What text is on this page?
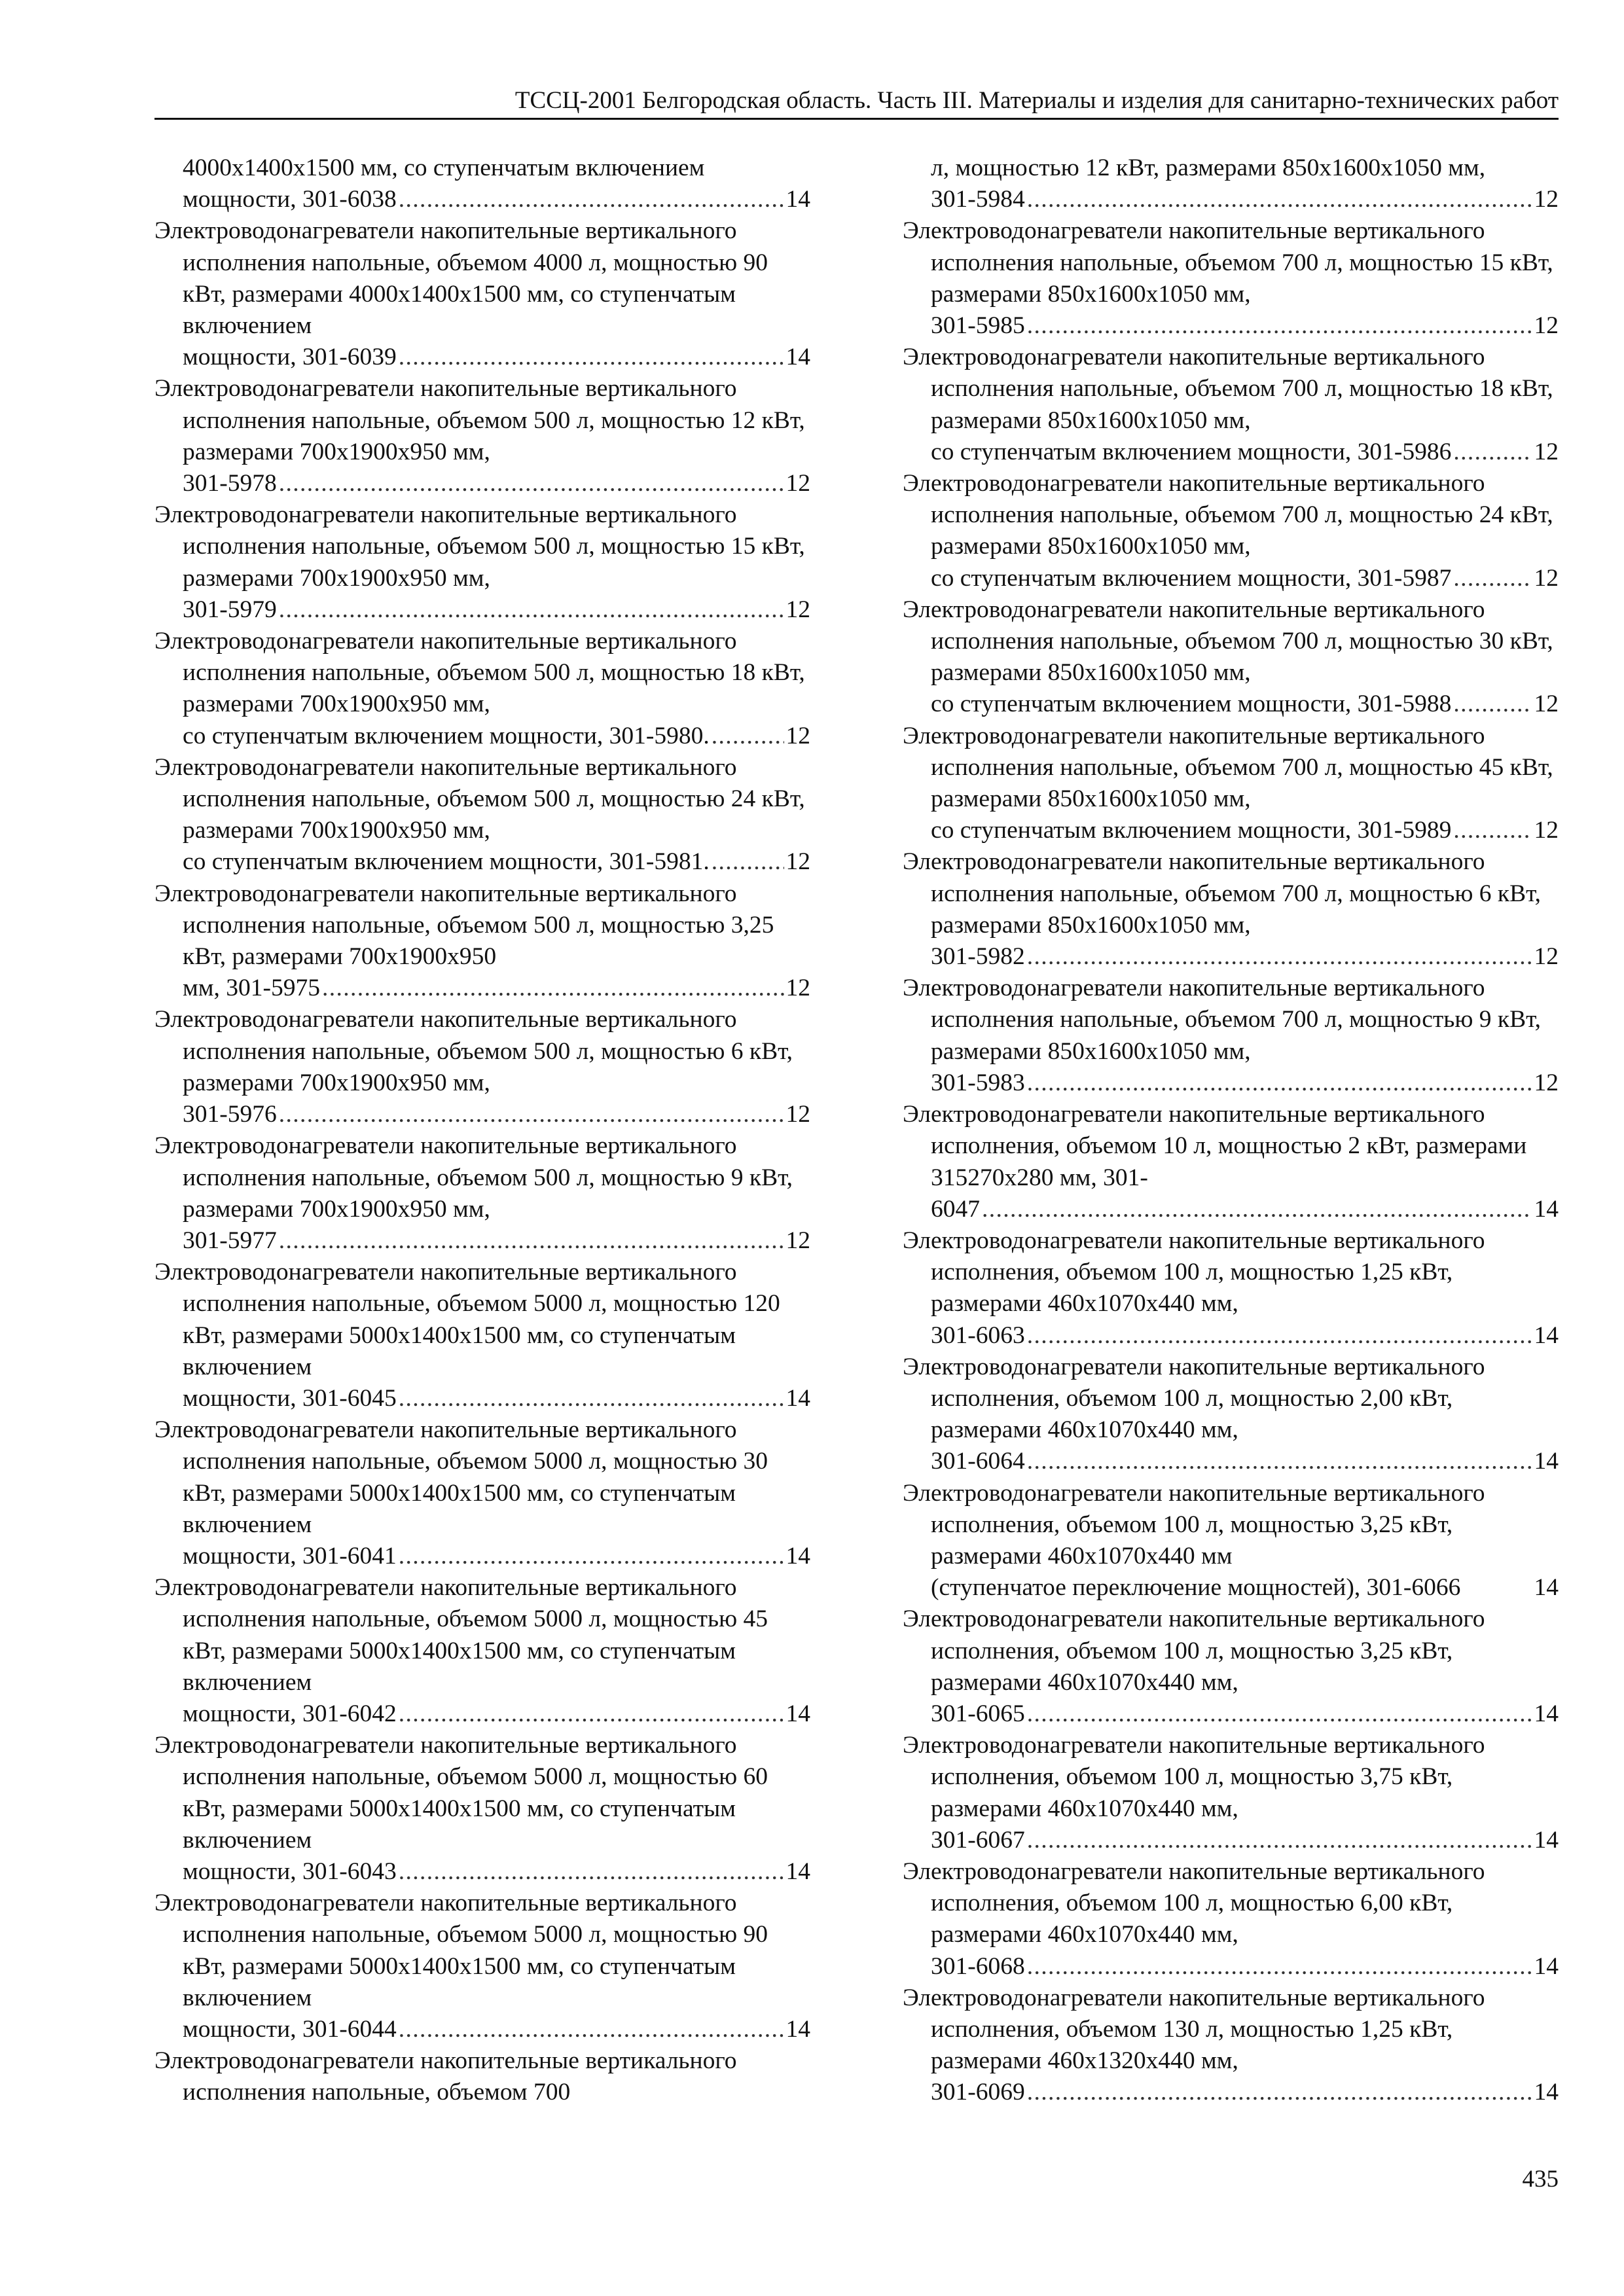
ТССЦ-2001 Белгородская область. Часть III. Материалы и изделия для санитарно-технических работ
4000x1400x1500 мм, со ступенчатым включением
мощности, 301-6038 . . .	14
Электроводонагреватели накопительные вертикального исполнения напольные, объемом 4000 л, мощностью 90 кВт, размерами 4000x1400x1500 мм, со ступенчатым включением
мощности, 301-6039 . . .	14
Электроводонагреватели накопительные вертикального исполнения напольные, объемом 500 л, мощностью 12 кВт, размерами 700x1900x950 мм,
301-5978 . . .	12
Электроводонагреватели накопительные вертикального исполнения напольные, объемом 500 л, мощностью 15 кВт, размерами 700x1900x950 мм,
301-5979 . . .	12
Электроводонагреватели накопительные вертикального исполнения напольные, объемом 500 л, мощностью 18 кВт, размерами 700x1900x950 мм,
со ступенчатым включением мощности, 301-5980. . . .	12
Электроводонагреватели накопительные вертикального исполнения напольные, объемом 500 л, мощностью 24 кВт, размерами 700x1900x950 мм,
со ступенчатым включением мощности, 301-5981. . . .	12
Электроводонагреватели накопительные вертикального исполнения напольные, объемом 500 л, мощностью 3,25 кВт, размерами 700x1900x950
мм, 301-5975 . . .	12
Электроводонагреватели накопительные вертикального исполнения напольные, объемом 500 л, мощностью 6 кВт, размерами 700x1900x950 мм,
301-5976 . . .	12
Электроводонагреватели накопительные вертикального исполнения напольные, объемом 500 л, мощностью 9 кВт, размерами 700x1900x950 мм,
301-5977 . . .	12
Электроводонагреватели накопительные вертикального исполнения напольные, объемом 5000 л, мощностью 120 кВт, размерами 5000x1400x1500 мм, со ступенчатым включением
мощности, 301-6045 . . .	14
Электроводонагреватели накопительные вертикального исполнения напольные, объемом 5000 л, мощностью 30 кВт, размерами 5000x1400x1500 мм, со ступенчатым включением
мощности, 301-6041 . . .	14
Электроводонагреватели накопительные вертикального исполнения напольные, объемом 5000 л, мощностью 45 кВт, размерами 5000x1400x1500 мм, со ступенчатым включением
мощности, 301-6042 . . .	14
Электроводонагреватели накопительные вертикального исполнения напольные, объемом 5000 л, мощностью 60 кВт, размерами 5000x1400x1500 мм, со ступенчатым включением
мощности, 301-6043 . . .	14
Электроводонагреватели накопительные вертикального исполнения напольные, объемом 5000 л, мощностью 90 кВт, размерами 5000x1400x1500 мм, со ступенчатым включением
мощности, 301-6044 . . .	14
Электроводонагреватели накопительные вертикального исполнения напольные, объемом 700
л, мощностью 12 кВт, размерами 850x1600x1050 мм,
301-5984 . . .	12
Электроводонагреватели накопительные вертикального исполнения напольные, объемом 700 л, мощностью 15 кВт, размерами 850x1600x1050 мм,
301-5985 . . .	12
Электроводонагреватели накопительные вертикального исполнения напольные, объемом 700 л, мощностью 18 кВт, размерами 850x1600x1050 мм,
со ступенчатым включением мощности, 301-5986 . . .	12
Электроводонагреватели накопительные вертикального исполнения напольные, объемом 700 л, мощностью 24 кВт, размерами 850x1600x1050 мм,
со ступенчатым включением мощности, 301-5987 . . .	12
Электроводонагреватели накопительные вертикального исполнения напольные, объемом 700 л, мощностью 30 кВт, размерами 850x1600x1050 мм,
со ступенчатым включением мощности, 301-5988 . . .	12
Электроводонагреватели накопительные вертикального исполнения напольные, объемом 700 л, мощностью 45 кВт, размерами 850x1600x1050 мм,
со ступенчатым включением мощности, 301-5989 . . .	12
Электроводонагреватели накопительные вертикального исполнения напольные, объемом 700 л, мощностью 6 кВт, размерами 850x1600x1050 мм,
301-5982 . . .	12
Электроводонагреватели накопительные вертикального исполнения напольные, объемом 700 л, мощностью 9 кВт, размерами 850x1600x1050 мм,
301-5983 . . .	12
Электроводонагреватели накопительные вертикального исполнения, объемом 10 л, мощностью 2 кВт, размерами 315270x280 мм, 301-
6047 . . .	14
Электроводонагреватели накопительные вертикального исполнения, объемом 100 л, мощностью 1,25 кВт, размерами 460x1070x440 мм,
301-6063 . . .	14
Электроводонагреватели накопительные вертикального исполнения, объемом 100 л, мощностью 2,00 кВт, размерами 460x1070x440 мм,
301-6064 . . .	14
Электроводонагреватели накопительные вертикального исполнения, объемом 100 л, мощностью 3,25 кВт, размерами 460x1070x440 мм
(ступенчатое переключение мощностей), 301-6066	14
Электроводонагреватели накопительные вертикального исполнения, объемом 100 л, мощностью 3,25 кВт, размерами 460x1070x440 мм,
301-6065 . . .	14
Электроводонагреватели накопительные вертикального исполнения, объемом 100 л, мощностью 3,75 кВт, размерами 460x1070x440 мм,
301-6067 . . .	14
Электроводонагреватели накопительные вертикального исполнения, объемом 100 л, мощностью 6,00 кВт, размерами 460x1070x440 мм,
301-6068 . . .	14
Электроводонагреватели накопительные вертикального исполнения, объемом 130 л, мощностью 1,25 кВт, размерами 460x1320x440 мм,
301-6069 . . .	14
435
